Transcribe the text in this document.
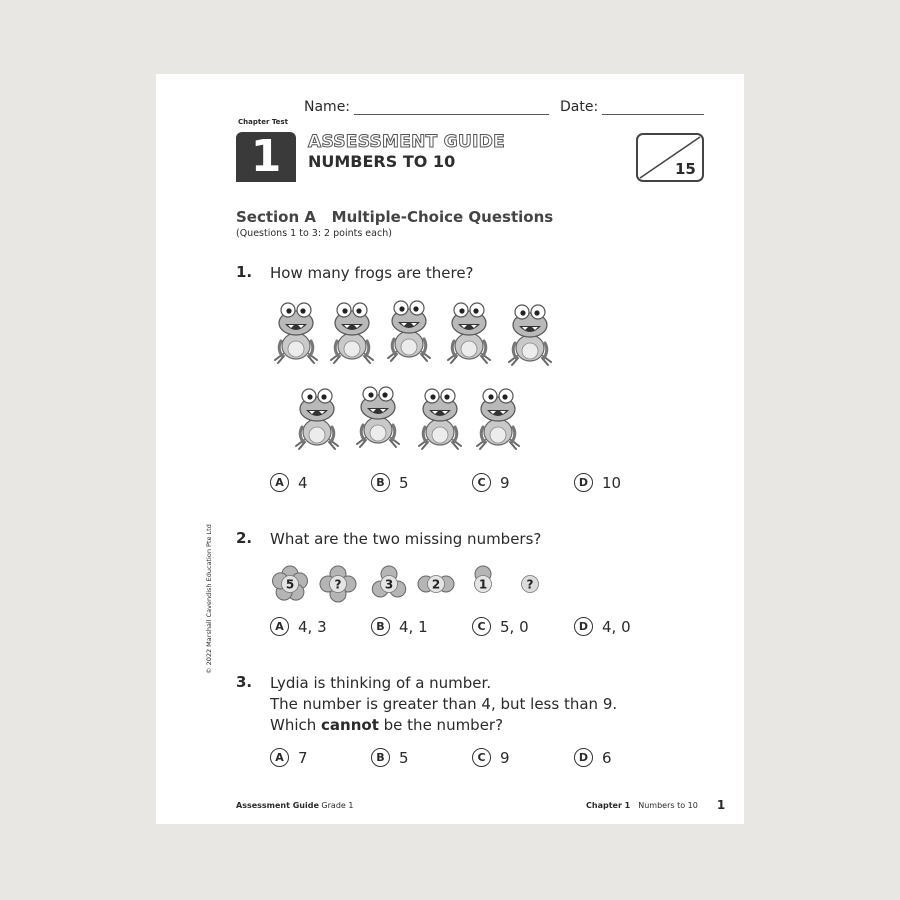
Name:	Date:
Chapter Test
1	ASSESSMENT GUIDE
NUMBERS TO 10	15
Section A   Multiple-Choice Questions
(Questions 1 to 3: 2 points each)
1. How many frogs are there?
A 4	B 5	C 9	D 10
2. What are the two missing numbers?
5	?	3	2	1	?
A 4, 3	B 4, 1	C 5, 0	D 4, 0
3. Lydia is thinking of a number.
The number is greater than 4, but less than 9.
Which cannot be the number?
A 7	B 5	C 9	D 6
© 2022 Marshall Cavendish Education Pte Ltd
Assessment Guide Grade 1	Chapter 1 Numbers to 10 1
